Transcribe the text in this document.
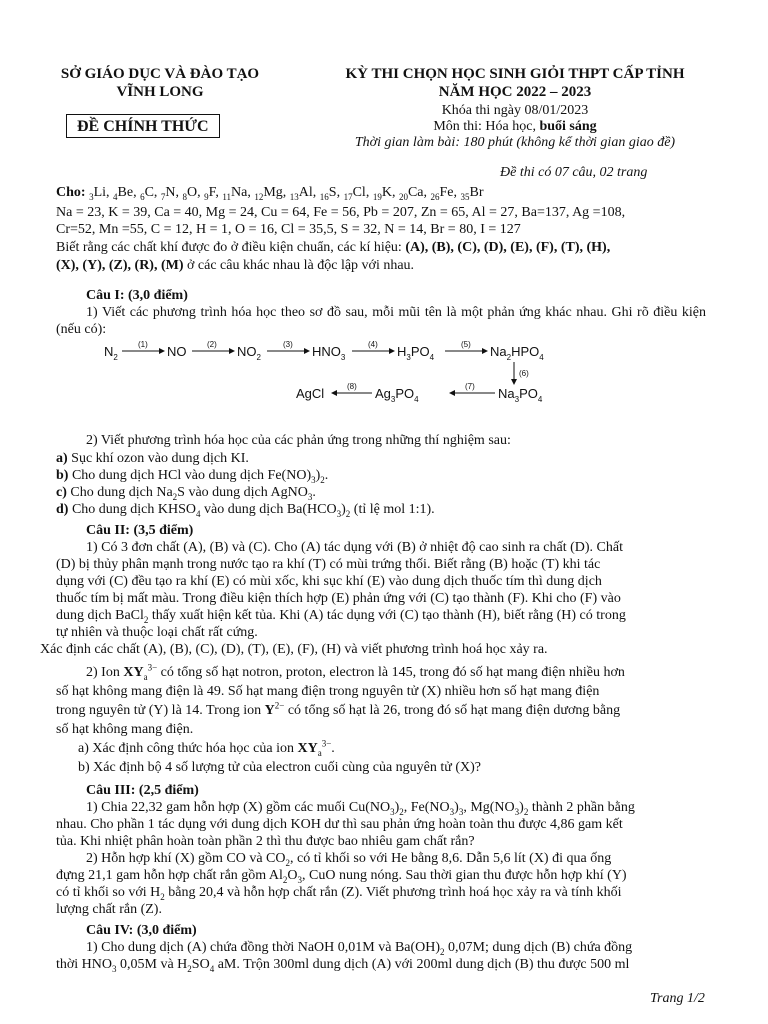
SỞ GIÁO DỤC VÀ ĐÀO TẠO
VĨNH LONG
ĐỀ CHÍNH THỨC
KỲ THI CHỌN HỌC SINH GIỎI THPT CẤP TỈNH
NĂM HỌC 2022 – 2023
Khóa thi ngày 08/01/2023
Môn thi: Hóa học, buổi sáng
Thời gian làm bài: 180 phút (không kể thời gian giao đề)
Đề thi có 07 câu, 02 trang
Cho: $_3$Li, $_4$Be, $_6$C, $_7$N, $_8$O, $_9$F, $_{11}$Na, $_{12}$Mg, $_{13}$Al, $_{16}$S, $_{17}$Cl, $_{19}$K, $_{20}$Ca, $_{26}$Fe, $_{35}$Br
Na = 23, K = 39, Ca = 40, Mg = 24, Cu = 64, Fe = 56, Pb = 207, Zn = 65, Al = 27, Ba=137, Ag =108,
Cr=52, Mn =55, C = 12, H = 1, O = 16, Cl = 35,5, S = 32, N = 14, Br = 80, I = 127
Biết rằng các chất khí được đo ở điều kiện chuẩn, các kí hiệu: (A), (B), (C), (D), (E), (F), (T), (H),
(X), (Y), (Z), (R), (M) ở các câu khác nhau là độc lập với nhau.
Câu I: (3,0 điểm)
1) Viết các phương trình hóa học theo sơ đồ sau, mỗi mũi tên là một phản ứng khác nhau. Ghi rõ điều kiện (nếu có):
$N_2$
(1) NO	(2) $NO_2$
(3) $HNO_3$
(4) $H_3PO_4$
(5) $Na_2HPO_4$
(6)
AgCl	(8) $Ag_3PO_4$
(7) $Na_3PO_4$
2) Viết phương trình hóa học của các phản ứng trong những thí nghiệm sau:
a) Sục khí ozon vào dung dịch KI.
b) Cho dung dịch HCl vào dung dịch $Fe(NO)_3)_2$.
c) Cho dung dịch $Na_2S$ vào dung dịch AgNO$_3$.
d) Cho dung dịch $KHSO_4$ vào dung dịch $Ba(HCO_3)_2$ (tỉ lệ mol 1:1).
Câu II: (3,5 điểm)
1) Có 3 đơn chất (A), (B) và (C). Cho (A) tác dụng với (B) ở nhiệt độ cao sinh ra chất (D). Chất
(D) bị thủy phân mạnh trong nước tạo ra khí (T) có mùi trứng thối. Biết rằng (B) hoặc (T) khi tác
dụng với (C) đều tạo ra khí (E) có mùi xốc, khi sục khí (E) vào dung dịch thuốc tím thì dung dịch
thuốc tím bị mất màu. Trong điều kiện thích hợp (E) phản ứng với (C) tạo thành (F). Khi cho (F) vào
dung dịch BaCl$_2$ thấy xuất hiện kết tủa. Khi (A) tác dụng với (C) tạo thành (H), biết rằng (H) có trong
tự nhiên và thuộc loại chất rất cứng.
Xác định các chất (A), (B), (C), (D), (T), (E), (F), (H) và viết phương trình hoá học xảy ra.
2) Ion $XY_a^{3-}$ có tổng số hạt notron, proton, electron là 145, trong đó số hạt mang điện nhiều hơn
số hạt không mang điện là 49. Số hạt mang điện trong nguyên tử (X) nhiều hơn số hạt mang điện
trong nguyên tử (Y) là 14. Trong ion $Y^{2-}$ có tổng số hạt là 26, trong đó số hạt mang điện dương bằng
số hạt không mang điện.
a) Xác định công thức hóa học của ion $XY_a^{3-}$.
b) Xác định bộ 4 số lượng tử của electron cuối cùng của nguyên tử (X)?
Câu III: (2,5 điểm)
1) Chia 22,32 gam hỗn hợp (X) gồm các muối $Cu(NO_3)_2$, $Fe(NO_3)_3$, $Mg(NO_3)_2$ thành 2 phần bằng
nhau. Cho phần 1 tác dụng với dung dịch KOH dư thì sau phản ứng hoàn toàn thu được 4,86 gam kết
tủa. Khi nhiệt phân hoàn toàn phần 2 thì thu được bao nhiêu gam chất rắn?
2) Hỗn hợp khí (X) gồm CO và $CO_2$, có tỉ khối so với He bằng 8,6. Dẫn 5,6 lít (X) đi qua ống
đựng 21,1 gam hỗn hợp chất rắn gồm $Al_2O_3$, CuO nung nóng. Sau thời gian thu được hỗn hợp khí (Y)
có tỉ khối so với $H_2$ bằng 20,4 và hỗn hợp chất rắn (Z). Viết phương trình hoá học xảy ra và tính khối
lượng chất rắn (Z).
Câu IV: (3,0 điểm)
1) Cho dung dịch (A) chứa đồng thời NaOH 0,01M và $Ba(OH)_2$ 0,07M; dung dịch (B) chứa đồng
thời $HNO_3$ 0,05M và $H_2SO_4$ aM. Trộn 300ml dung dịch (A) với 200ml dung dịch (B) thu được 500 ml
Trang 1/2
